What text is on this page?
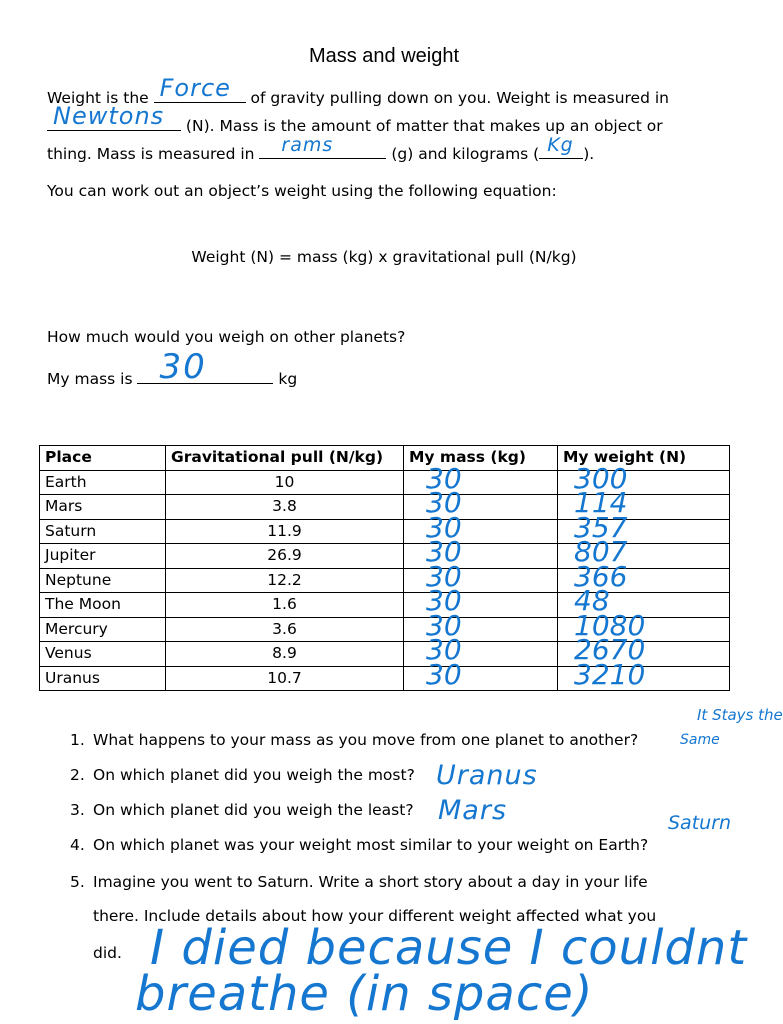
Mass and weight
Weight is the Force of gravity pulling down on you. Weight is measured in
Newtons (N). Mass is the amount of matter that makes up an object or
thing. Mass is measured in rams	(g) and kilograms ( Kg ).
You can work out an object’s weight using the following equation:
Weight (N) = mass (kg) x gravitational pull (N/kg)
How much would you weigh on other planets?
My mass is 30	kg
Place	Gravitational pull (N/kg)	My mass (kg)	My weight (N)
Earth	10	30	300

Mars	3.8	30	114

Saturn	11.9	30	357

Jupiter	26.9	30	807

Neptune	12.2	30	366

The Moon	1.6	30	48

Mercury	3.6	30	1080

Venus	8.9	30	2670

Uranus	10.7	30	3210
1. What happens to your mass as you move from one planet to another?
2. On which planet did you weigh the most?
3. On which planet did you weigh the least?
4. On which planet was your weight most similar to your weight on Earth?
5. Imagine you went to Saturn. Write a short story about a day in your life
there. Include details about how your different weight affected what you
did.
It Stays the
Same
Uranus
Mars	Saturn
I died because I couldnt
breathe (in space)
